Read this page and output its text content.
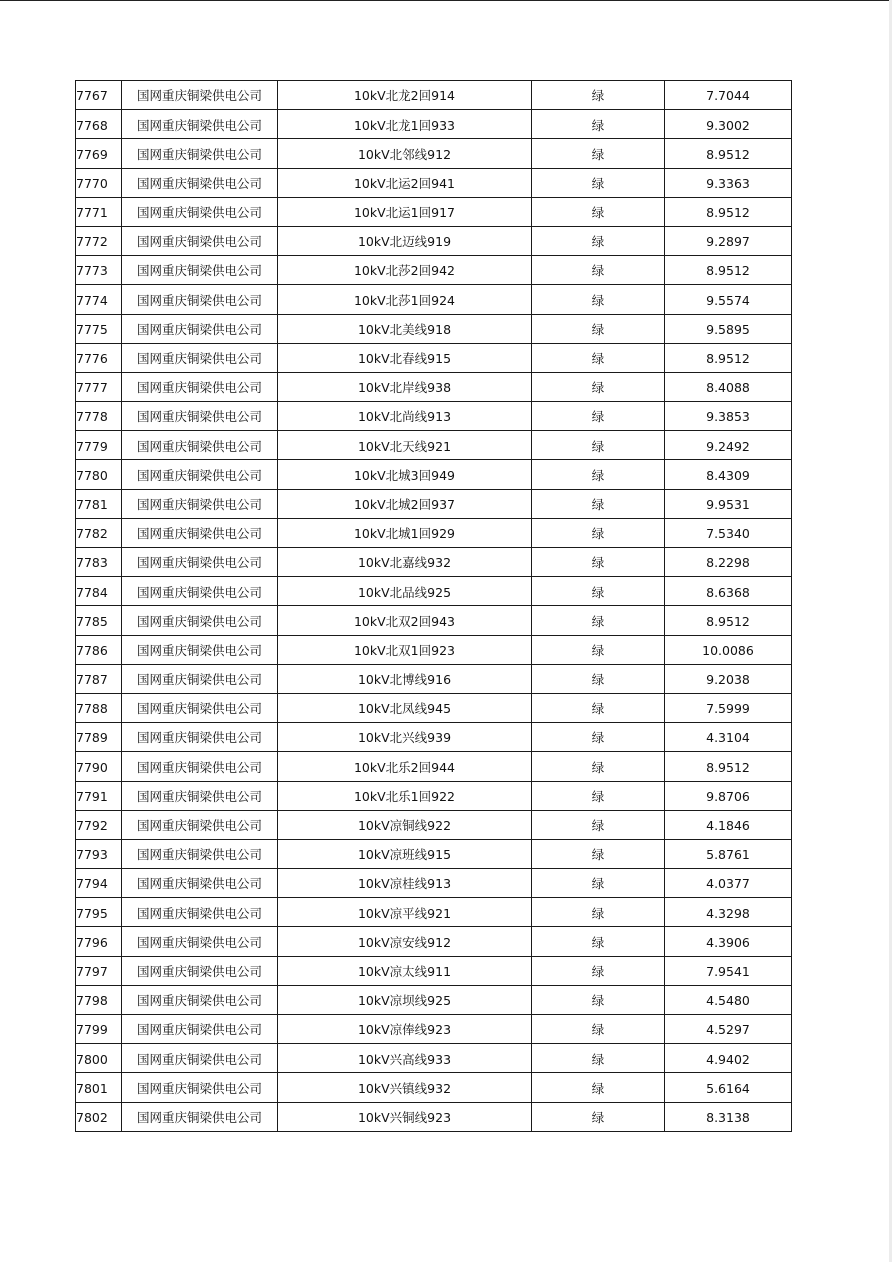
7767	国网重庆铜梁供电公司	10kV北龙2回914	绿	7.7044
7768	国网重庆铜梁供电公司	10kV北龙1回933	绿	9.3002
7769	国网重庆铜梁供电公司	10kV北邻线912	绿	8.9512
7770	国网重庆铜梁供电公司	10kV北运2回941	绿	9.3363
7771	国网重庆铜梁供电公司	10kV北运1回917	绿	8.9512
7772	国网重庆铜梁供电公司	10kV北迈线919	绿	9.2897
7773	国网重庆铜梁供电公司	10kV北莎2回942	绿	8.9512
7774	国网重庆铜梁供电公司	10kV北莎1回924	绿	9.5574
7775	国网重庆铜梁供电公司	10kV北美线918	绿	9.5895
7776	国网重庆铜梁供电公司	10kV北春线915	绿	8.9512
7777	国网重庆铜梁供电公司	10kV北岸线938	绿	8.4088
7778	国网重庆铜梁供电公司	10kV北尚线913	绿	9.3853
7779	国网重庆铜梁供电公司	10kV北天线921	绿	9.2492
7780	国网重庆铜梁供电公司	10kV北城3回949	绿	8.4309
7781	国网重庆铜梁供电公司	10kV北城2回937	绿	9.9531
7782	国网重庆铜梁供电公司	10kV北城1回929	绿	7.5340
7783	国网重庆铜梁供电公司	10kV北嘉线932	绿	8.2298
7784	国网重庆铜梁供电公司	10kV北品线925	绿	8.6368
7785	国网重庆铜梁供电公司	10kV北双2回943	绿	8.9512
7786	国网重庆铜梁供电公司	10kV北双1回923	绿	10.0086
7787	国网重庆铜梁供电公司	10kV北博线916	绿	9.2038
7788	国网重庆铜梁供电公司	10kV北凤线945	绿	7.5999
7789	国网重庆铜梁供电公司	10kV北兴线939	绿	4.3104
7790	国网重庆铜梁供电公司	10kV北乐2回944	绿	8.9512
7791	国网重庆铜梁供电公司	10kV北乐1回922	绿	9.8706
7792	国网重庆铜梁供电公司	10kV凉铜线922	绿	4.1846
7793	国网重庆铜梁供电公司	10kV凉班线915	绿	5.8761
7794	国网重庆铜梁供电公司	10kV凉桂线913	绿	4.0377
7795	国网重庆铜梁供电公司	10kV凉平线921	绿	4.3298
7796	国网重庆铜梁供电公司	10kV凉安线912	绿	4.3906
7797	国网重庆铜梁供电公司	10kV凉太线911	绿	7.9541
7798	国网重庆铜梁供电公司	10kV凉坝线925	绿	4.5480
7799	国网重庆铜梁供电公司	10kV凉俸线923	绿	4.5297
7800	国网重庆铜梁供电公司	10kV兴高线933	绿	4.9402
7801	国网重庆铜梁供电公司	10kV兴镇线932	绿	5.6164
7802	国网重庆铜梁供电公司	10kV兴铜线923	绿	8.3138
